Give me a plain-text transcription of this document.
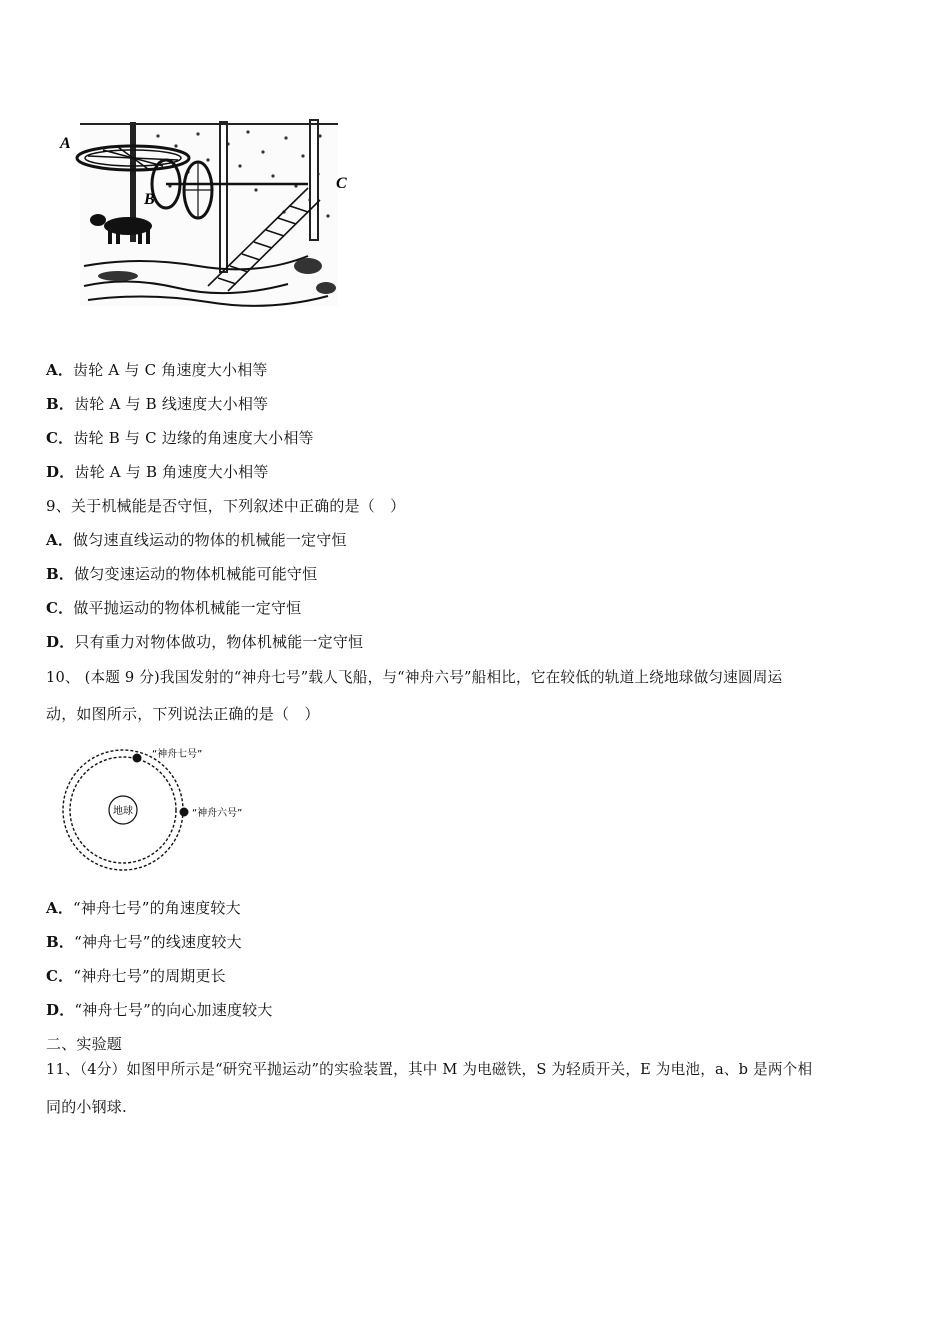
A
B
C
A．齿轮 A 与 C 角速度大小相等
B．齿轮 A 与 B 线速度大小相等
C．齿轮 B 与 C 边缘的角速度大小相等
D．齿轮 A 与 B 角速度大小相等
9、关于机械能是否守恒，下列叙述中正确的是（　）
A．做匀速直线运动的物体的机械能一定守恒
B．做匀变速运动的物体机械能可能守恒
C．做平抛运动的物体机械能一定守恒
D．只有重力对物体做功，物体机械能一定守恒
10、 (本题 9 分)我国发射的“神舟七号”载人飞船，与“神舟六号”船相比，它在较低的轨道上绕地球做匀速圆周运
动，如图所示，下列说法正确的是（　）
地球
“神舟七号”
“神舟六号”
A．“神舟七号”的角速度较大
B．“神舟七号”的线速度较大
C．“神舟七号”的周期更长
D．“神舟七号”的向心加速度较大
二、实验题
11、（4分）如图甲所示是“研究平抛运动”的实验装置，其中 M 为电磁铁，S 为轻质开关，E 为电池，a、b 是两个相
同的小钢球.
